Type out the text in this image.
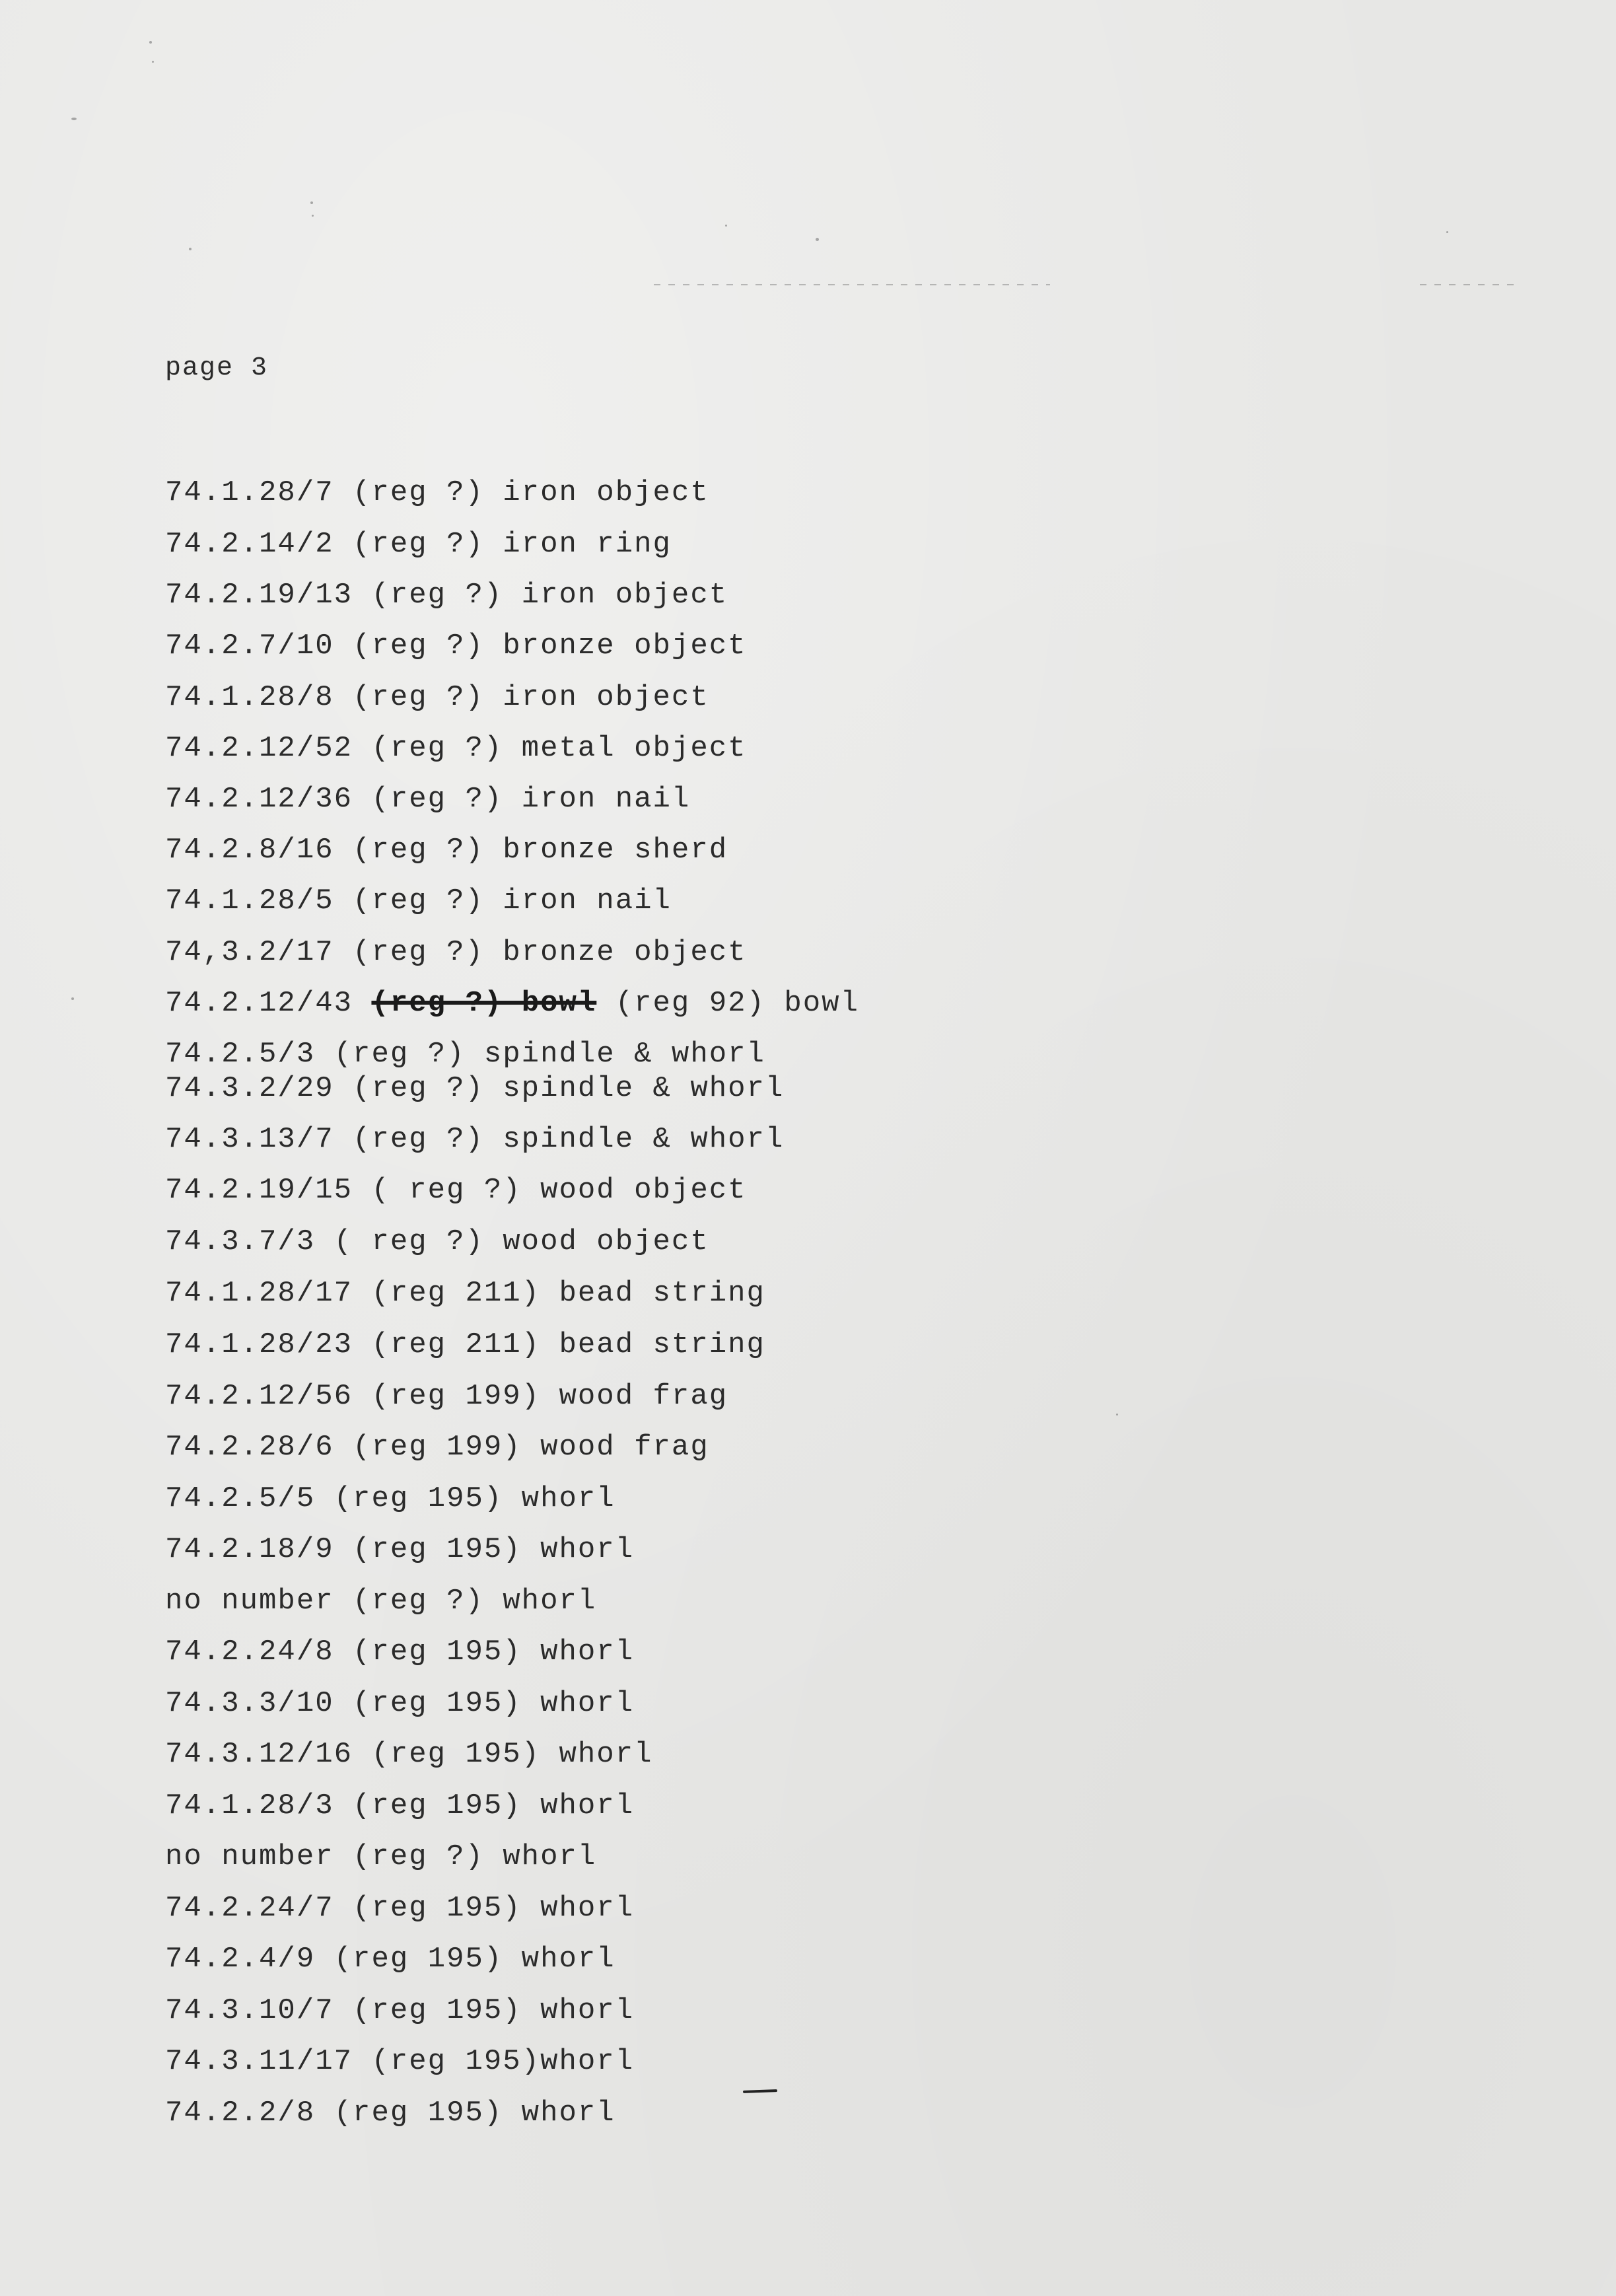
page 3
74.1.28/7 (reg ?) iron object
74.2.14/2 (reg ?) iron ring
74.2.19/13 (reg ?) iron object
74.2.7/10 (reg ?) bronze object
74.1.28/8 (reg ?) iron object
74.2.12/52 (reg ?) metal object
74.2.12/36 (reg ?) iron nail
74.2.8/16 (reg ?) bronze sherd
74.1.28/5 (reg ?) iron nail
74,3.2/17 (reg ?) bronze object
74.2.12/43 (reg ?) bowl (reg 92) bowl
74.2.5/3 (reg ?) spindle & whorl
74.3.2/29 (reg ?) spindle & whorl
74.3.13/7 (reg ?) spindle & whorl
74.2.19/15 ( reg ?) wood object
74.3.7/3 ( reg ?) wood object
74.1.28/17 (reg 211) bead string
74.1.28/23 (reg 211) bead string
74.2.12/56 (reg 199) wood frag
74.2.28/6 (reg 199) wood frag
74.2.5/5 (reg 195) whorl
74.2.18/9 (reg 195) whorl
no number (reg ?) whorl
74.2.24/8 (reg 195) whorl
74.3.3/10 (reg 195) whorl
74.3.12/16 (reg 195) whorl
74.1.28/3 (reg 195) whorl
no number (reg ?) whorl
74.2.24/7 (reg 195) whorl
74.2.4/9 (reg 195) whorl
74.3.10/7 (reg 195) whorl
74.3.11/17 (reg 195)whorl
74.2.2/8 (reg 195) whorl
